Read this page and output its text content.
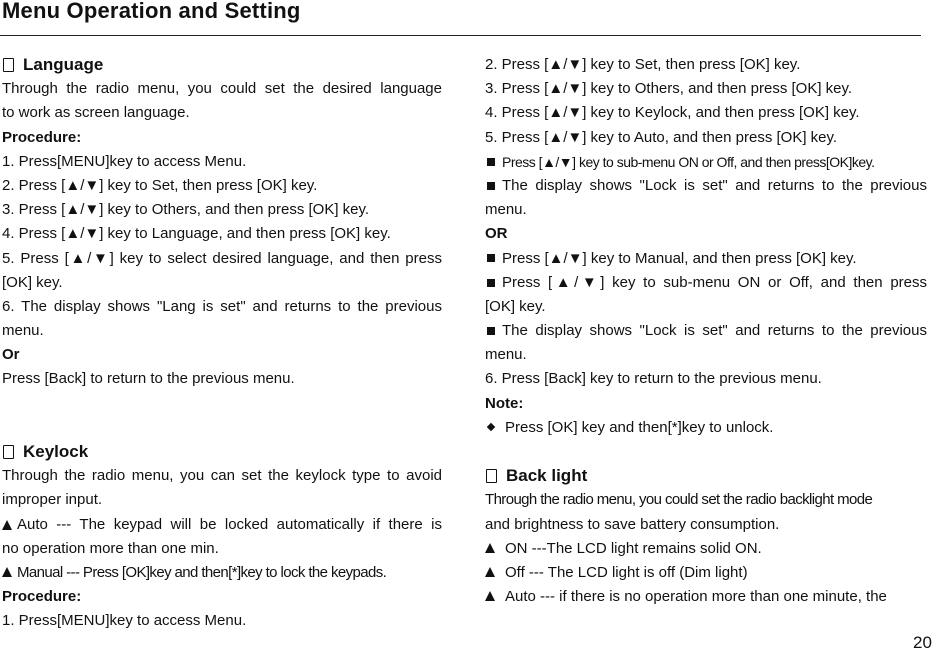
Menu Operation and Setting
Language
Through the radio menu, you could set the desired language
to work as screen language.
Procedure:
1. Press[MENU]key to access Menu.
2. Press [▲/▼] key to Set, then press [OK] key.
3. Press [▲/▼] key to Others, and then press [OK] key.
4. Press [▲/▼] key to Language, and then press [OK] key.
5. Press [▲/▼] key to select desired language, and then press
[OK] key.
6. The display shows "Lang is set" and returns to the previous
menu.
Or
Press [Back] to return to the previous menu.
Keylock
Through the radio menu, you can set the keylock type to avoid
improper input.
Auto --- The keypad will be locked automatically if there is
no operation more than one min.
Manual --- Press [OK]key and then[*]key to lock the keypads.
Procedure:
1. Press[MENU]key to access Menu.
2. Press [▲/▼] key to Set, then press [OK] key.
3. Press [▲/▼] key to Others, and then press [OK] key.
4. Press [▲/▼] key to Keylock, and then press [OK] key.
5. Press [▲/▼] key to Auto, and then press [OK] key.
Press [▲/▼] key to sub-menu ON or Off, and then press[OK]key.
The display shows "Lock is set" and returns to the previous
menu.
OR
Press [▲/▼] key to Manual, and then press [OK] key.
Press [▲/▼] key to sub-menu ON or Off, and then press
[OK] key.
The display shows "Lock is set" and returns to the previous
menu.
6. Press [Back] key to return to the previous menu.
Note:
Press [OK] key and then[*]key to unlock.
Back light
Through the radio menu, you could set the radio backlight mode
and brightness to save battery consumption.
ON ---The LCD light remains solid ON.
Off --- The LCD light is off (Dim light)
Auto --- if there is no operation more than one minute, the
20
